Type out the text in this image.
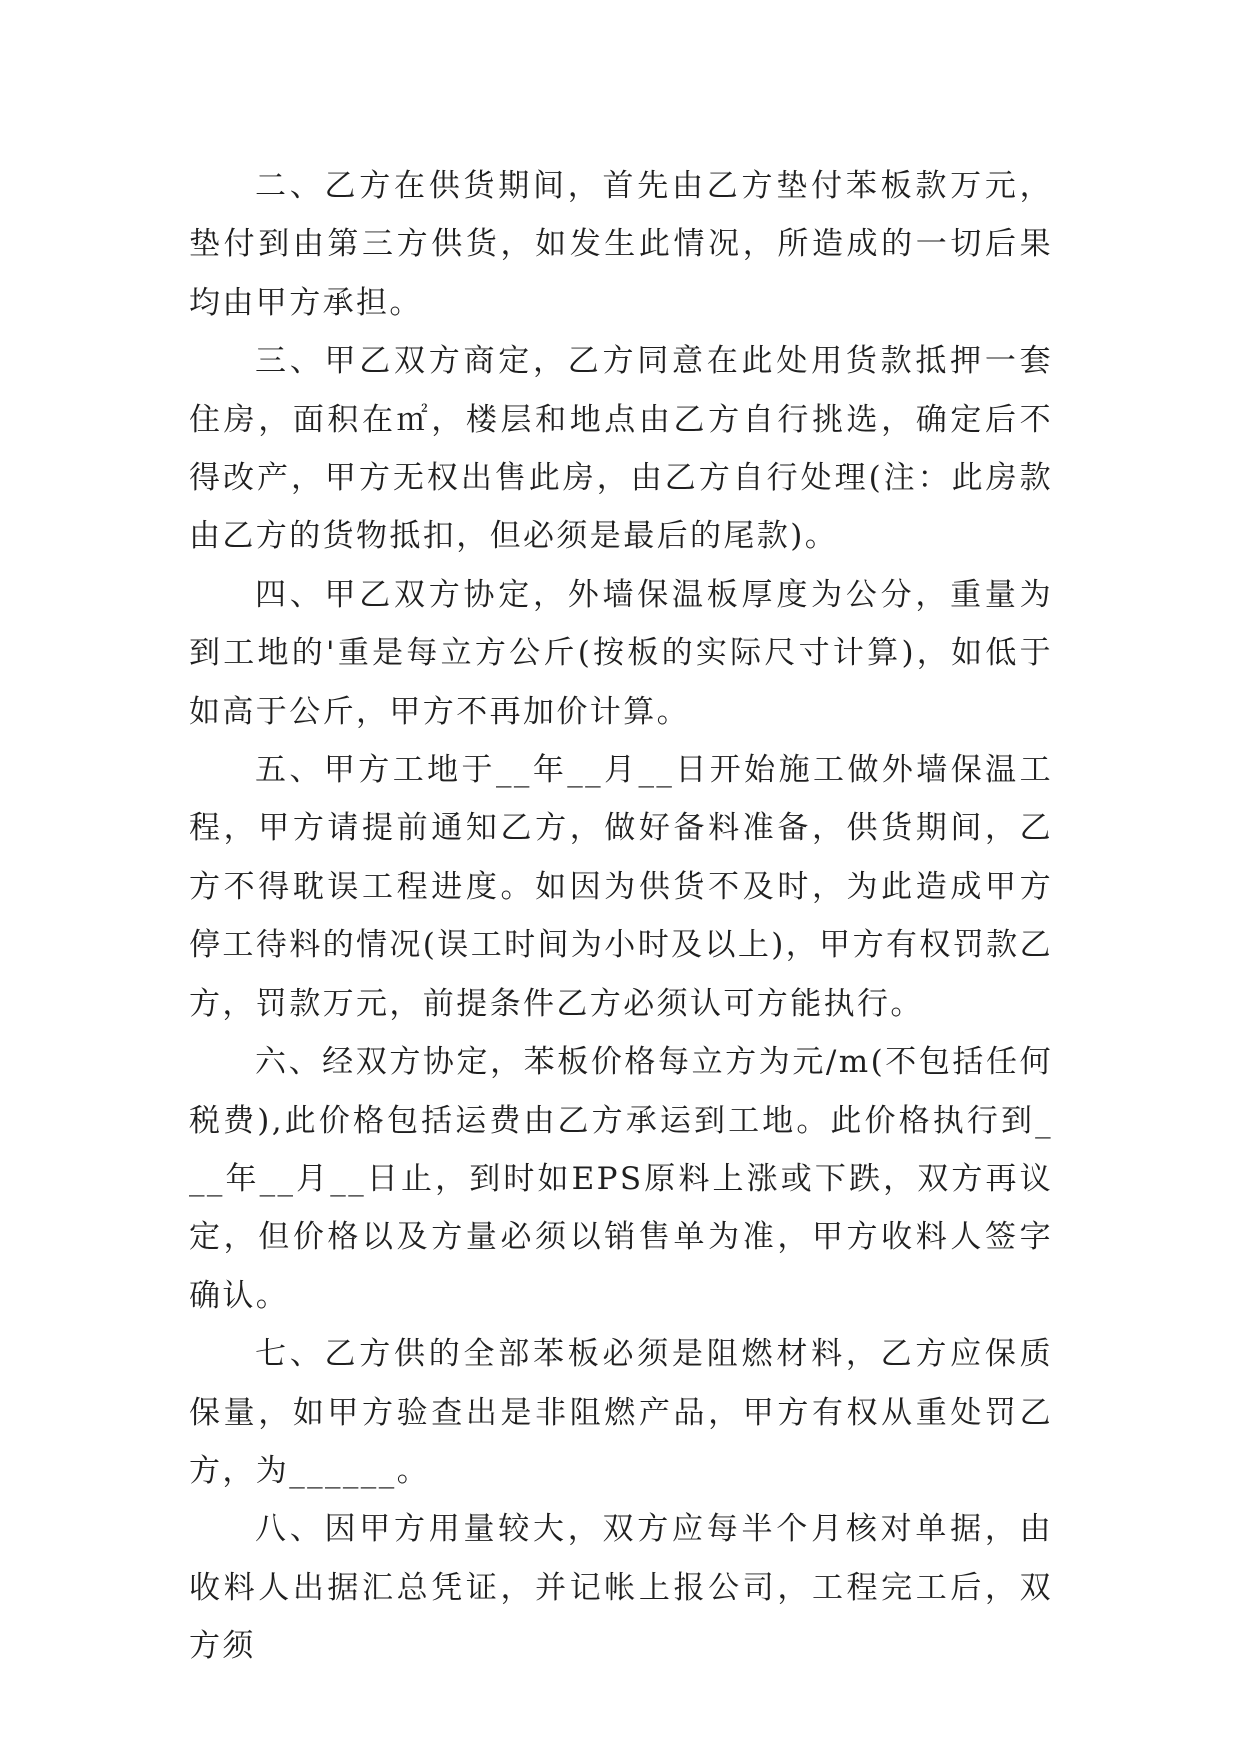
二、乙方在供货期间，首先由乙方垫付苯板款万元，垫付到由第三方供货，如发生此情况，所造成的一切后果均由甲方承担。

三、甲乙双方商定，乙方同意在此处用货款抵押一套住房，面积在㎡，楼层和地点由乙方自行挑选，确定后不得改产，甲方无权出售此房，由乙方自行处理(注：此房款由乙方的货物抵扣，但必须是最后的尾款)。

四、甲乙双方协定，外墙保温板厚度为公分，重量为到工地的'重是每立方公斤(按板的实际尺寸计算)，如低于如高于公斤，甲方不再加价计算。

五、甲方工地于__年__月__日开始施工做外墙保温工程，甲方请提前通知乙方，做好备料准备，供货期间，乙方不得耽误工程进度。如因为供货不及时，为此造成甲方停工待料的情况(误工时间为小时及以上)，甲方有权罚款乙方，罚款万元，前提条件乙方必须认可方能执行。

六、经双方协定，苯板价格每立方为元/m(不包括任何税费),此价格包括运费由乙方承运到工地。此价格执行到___年__月__日止，到时如EPS原料上涨或下跌，双方再议定，但价格以及方量必须以销售单为准，甲方收料人签字确认。

七、乙方供的全部苯板必须是阻燃材料，乙方应保质保量，如甲方验查出是非阻燃产品，甲方有权从重处罚乙方，为______。

八、因甲方用量较大，双方应每半个月核对单据，由收料人出据汇总凭证，并记帐上报公司，工程完工后，双方须
